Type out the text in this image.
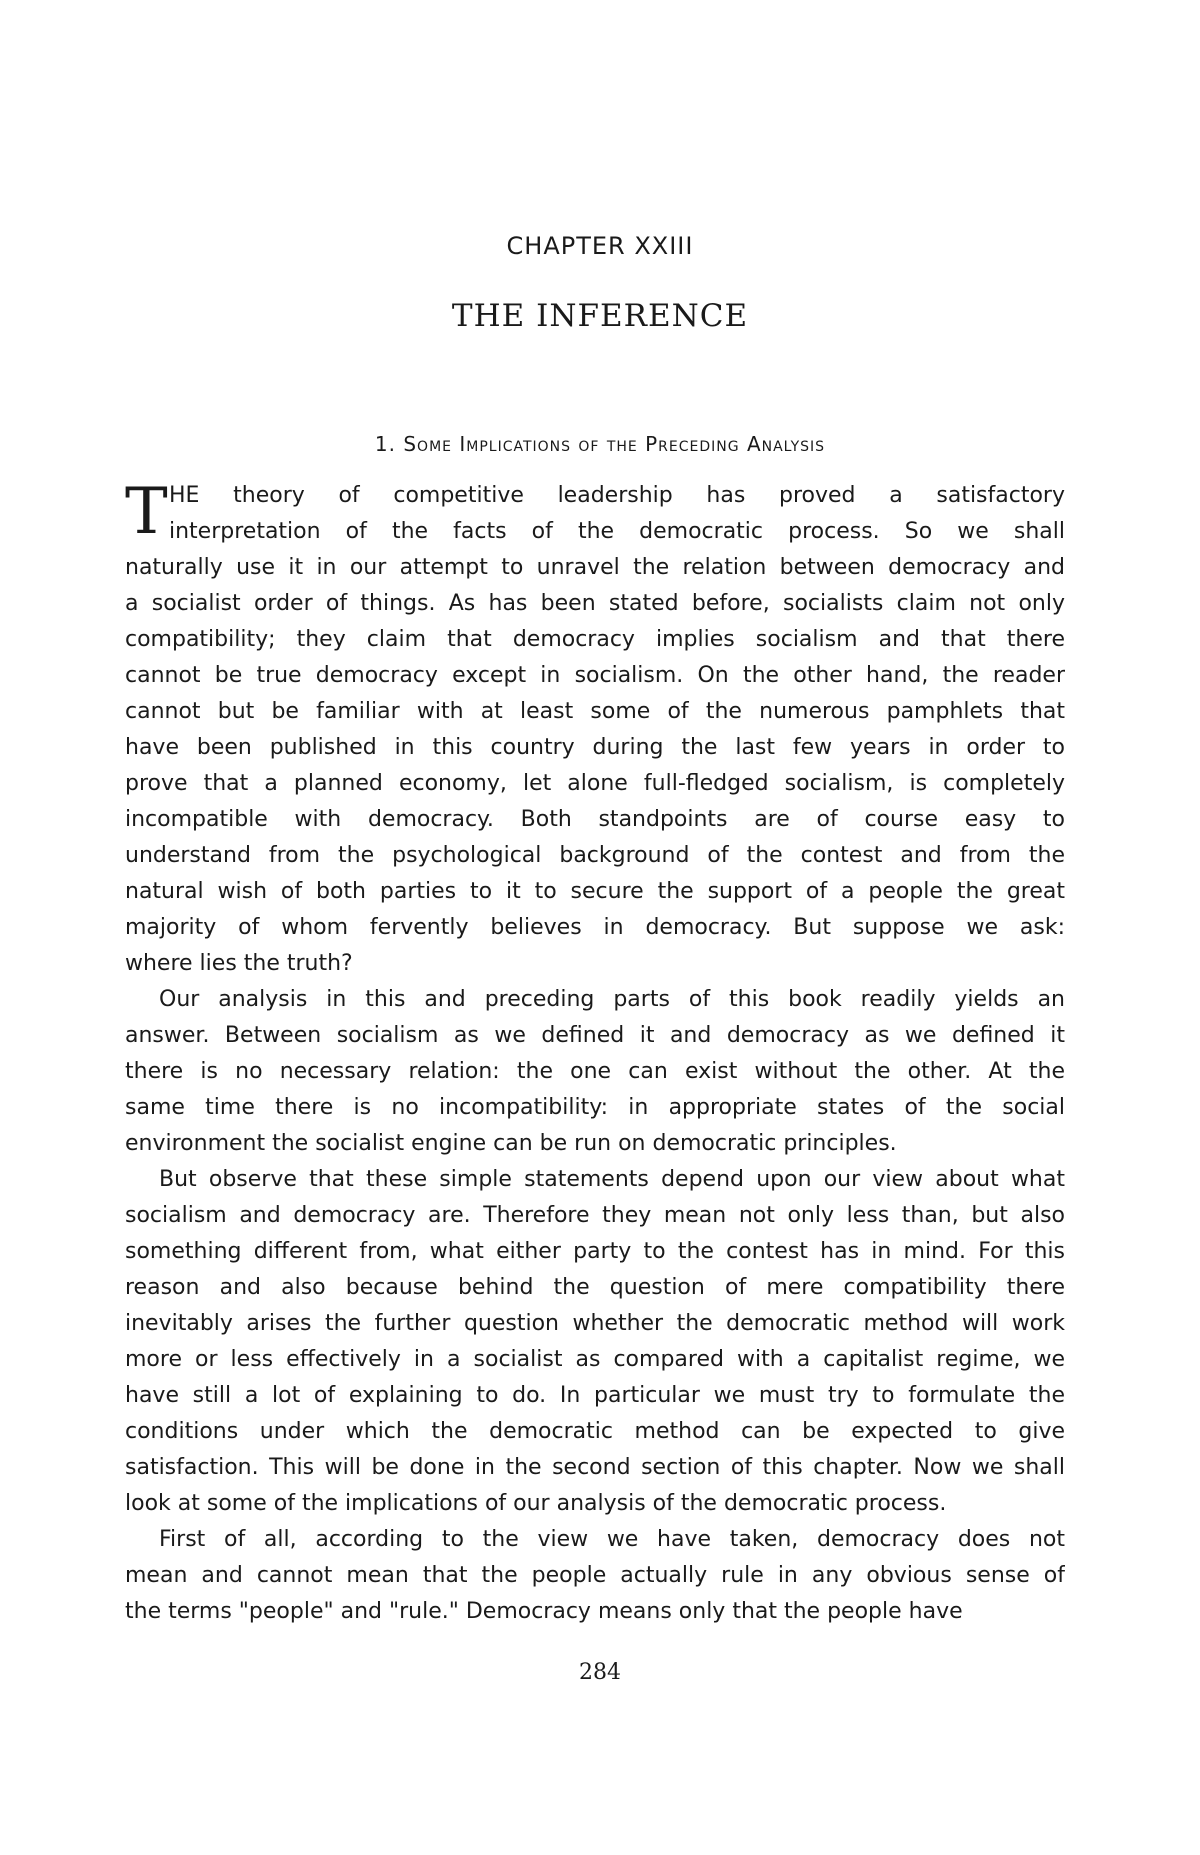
CHAPTER XXIII
THE INFERENCE
1. Some Implications of the Preceding Analysis
T HE theory of competitive leadership has proved a satisfactory
interpretation of the facts of the democratic process. So we shall
naturally use it in our attempt to unravel the relation between democracy and
a socialist order of things. As has been stated before, socialists claim not only
compatibility; they claim that democracy implies socialism and that there
cannot be true democracy except in socialism. On the other hand, the reader
cannot but be familiar with at least some of the numerous pamphlets that
have been published in this country during the last few years in order to
prove that a planned economy, let alone full-fledged socialism, is completely
incompatible with democracy. Both standpoints are of course easy to
understand from the psychological background of the contest and from the
natural wish of both parties to it to secure the support of a people the great
majority of whom fervently believes in democracy. But suppose we ask:
where lies the truth?
Our analysis in this and preceding parts of this book readily yields an
answer. Between socialism as we defined it and democracy as we defined it
there is no necessary relation: the one can exist without the other. At the
same time there is no incompatibility: in appropriate states of the social
environment the socialist engine can be run on democratic principles.
But observe that these simple statements depend upon our view about what
socialism and democracy are. Therefore they mean not only less than, but also
something different from, what either party to the contest has in mind. For this
reason and also because behind the question of mere compatibility there
inevitably arises the further question whether the democratic method will work
more or less effectively in a socialist as compared with a capitalist regime, we
have still a lot of explaining to do. In particular we must try to formulate the
conditions under which the democratic method can be expected to give
satisfaction. This will be done in the second section of this chapter. Now we shall
look at some of the implications of our analysis of the democratic process.
First of all, according to the view we have taken, democracy does not
mean and cannot mean that the people actually rule in any obvious sense of
the terms "people" and "rule." Democracy means only that the people have
284
